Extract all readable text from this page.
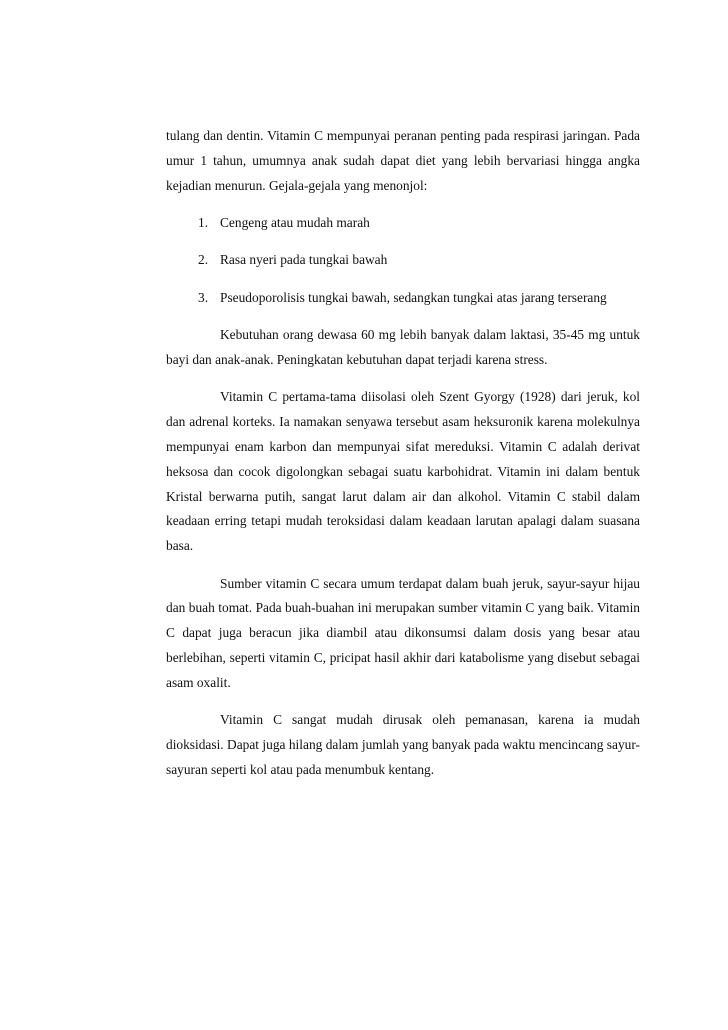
tulang dan dentin. Vitamin C mempunyai peranan penting pada respirasi jaringan. Pada umur 1 tahun, umumnya anak sudah dapat diet yang lebih bervariasi hingga angka kejadian menurun. Gejala-gejala yang menonjol:

1. Cengeng atau mudah marah
2. Rasa nyeri pada tungkai bawah
3. Pseudoporolisis tungkai bawah, sedangkan tungkai atas jarang terserang

Kebutuhan orang dewasa 60 mg lebih banyak dalam laktasi, 35-45 mg untuk bayi dan anak-anak. Peningkatan kebutuhan dapat terjadi karena stress.

Vitamin C pertama-tama diisolasi oleh Szent Gyorgy (1928) dari jeruk, kol dan adrenal korteks. Ia namakan senyawa tersebut asam heksuronik karena molekulnya mempunyai enam karbon dan mempunyai sifat mereduksi. Vitamin C adalah derivat heksosa dan cocok digolongkan sebagai suatu karbohidrat. Vitamin ini dalam bentuk Kristal berwarna putih, sangat larut dalam air dan alkohol. Vitamin C stabil dalam keadaan erring tetapi mudah teroksidasi dalam keadaan larutan apalagi dalam suasana basa.

Sumber vitamin C secara umum terdapat dalam buah jeruk, sayur-sayur hijau dan buah tomat. Pada buah-buahan ini merupakan sumber vitamin C yang baik. Vitamin C dapat juga beracun jika diambil atau dikonsumsi dalam dosis yang besar atau berlebihan, seperti vitamin C, pricipat hasil akhir dari katabolisme yang disebut sebagai asam oxalit.

Vitamin C sangat mudah dirusak oleh pemanasan, karena ia mudah dioksidasi. Dapat juga hilang dalam jumlah yang banyak pada waktu mencincang sayur-sayuran seperti kol atau pada menumbuk kentang.
